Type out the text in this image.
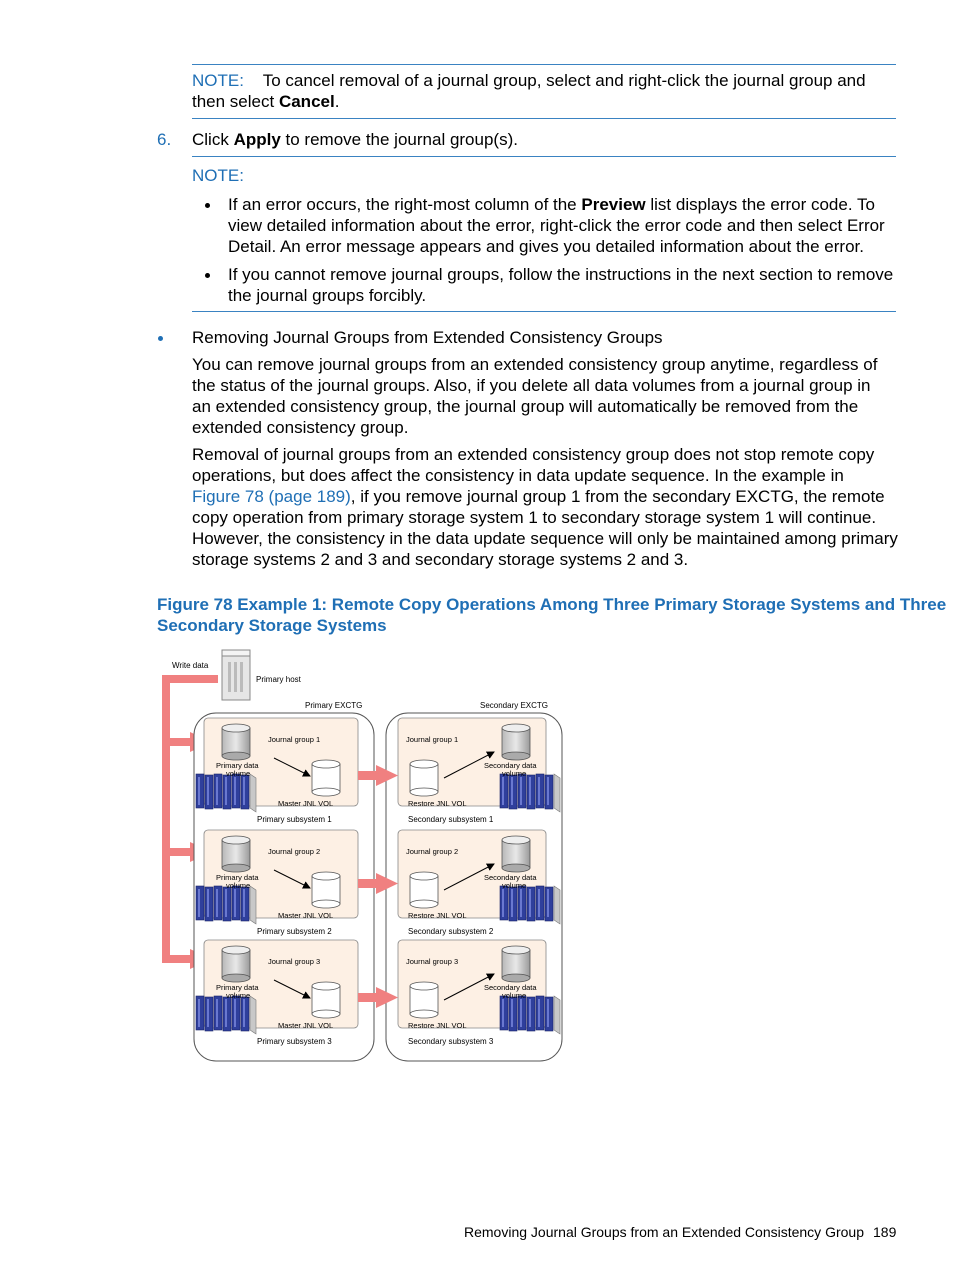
NOTE: To cancel removal of a journal group, select and right-click the journal group and
then select Cancel.
6. Click Apply to remove the journal group(s).
NOTE:
If an error occurs, the right-most column of the Preview list displays the error code. To
view detailed information about the error, right-click the error code and then select Error
Detail. An error message appears and gives you detailed information about the error.
If you cannot remove journal groups, follow the instructions in the next section to remove
the journal groups forcibly.
Removing Journal Groups from Extended Consistency Groups
You can remove journal groups from an extended consistency group anytime, regardless of
the status of the journal groups. Also, if you delete all data volumes from a journal group in
an extended consistency group, the journal group will automatically be removed from the
extended consistency group.
Removal of journal groups from an extended consistency group does not stop remote copy
operations, but does affect the consistency in data update sequence. In the example in
Figure 78 (page 189), if you remove journal group 1 from the secondary EXCTG, the remote
copy operation from primary storage system 1 to secondary storage system 1 will continue.
However, the consistency in the data update sequence will only be maintained among primary
storage systems 2 and 3 and secondary storage systems 2 and 3.
Figure 78 Example 1: Remote Copy Operations Among Three Primary Storage Systems and Three
Secondary Storage Systems
Write data
Primary host
Primary EXCTG	Secondary EXCTG
Journal group 1
Primary data
volume
Master JNL VOL
Primary subsystem 1
Journal group 2
Primary data
volume
Master JNL VOL
Primary subsystem 2
Journal group 3
Primary data
volume
Master JNL VOL
Primary subsystem 3
Journal group 1
Secondary data
volume
Restore JNL VOL
Secondary subsystem 1
Journal group 2
Secondary data
volume
Restore JNL VOL
Secondary subsystem 2
Journal group 3
Secondary data
volume
Restore JNL VOL
Secondary subsystem 3
Removing Journal Groups from an Extended Consistency Group 189
